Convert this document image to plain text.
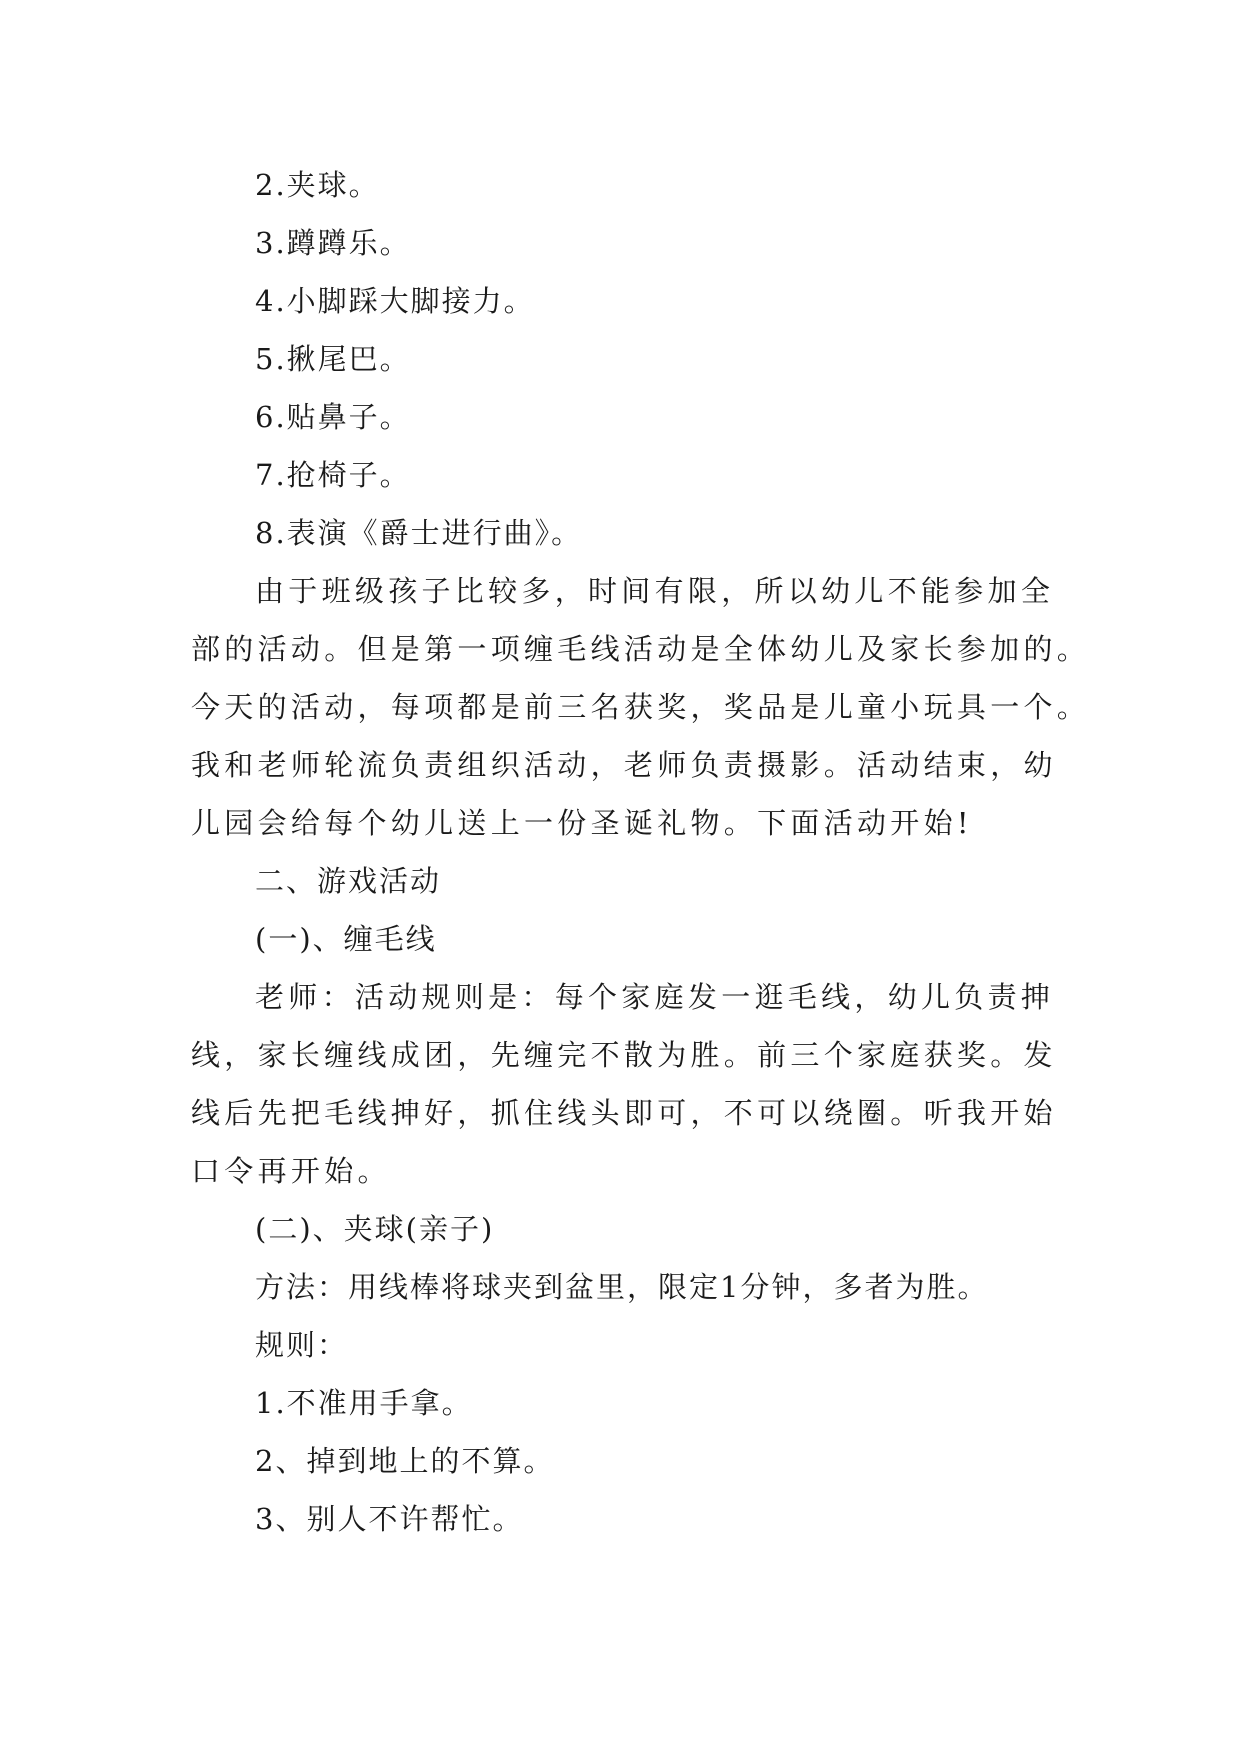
2.夹球。
3.蹲蹲乐。
4.小脚踩大脚接力。
5.揪尾巴。
6.贴鼻子。
7.抢椅子。
8.表演《爵士进行曲》。
由于班级孩子比较多，时间有限，所以幼儿不能参加全
部的活动。但是第一项缠毛线活动是全体幼儿及家长参加的。
今天的活动，每项都是前三名获奖，奖品是儿童小玩具一个。
我和老师轮流负责组织活动，老师负责摄影。活动结束，幼
儿园会给每个幼儿送上一份圣诞礼物。下面活动开始!
二、游戏活动
(一)、缠毛线
老师：活动规则是：每个家庭发一逛毛线，幼儿负责抻
线，家长缠线成团，先缠完不散为胜。前三个家庭获奖。发
线后先把毛线抻好，抓住线头即可，不可以绕圈。听我开始
口令再开始。
(二)、夹球(亲子)
方法：用线棒将球夹到盆里，限定1分钟，多者为胜。
规则：
1.不准用手拿。
2、掉到地上的不算。
3、别人不许帮忙。
